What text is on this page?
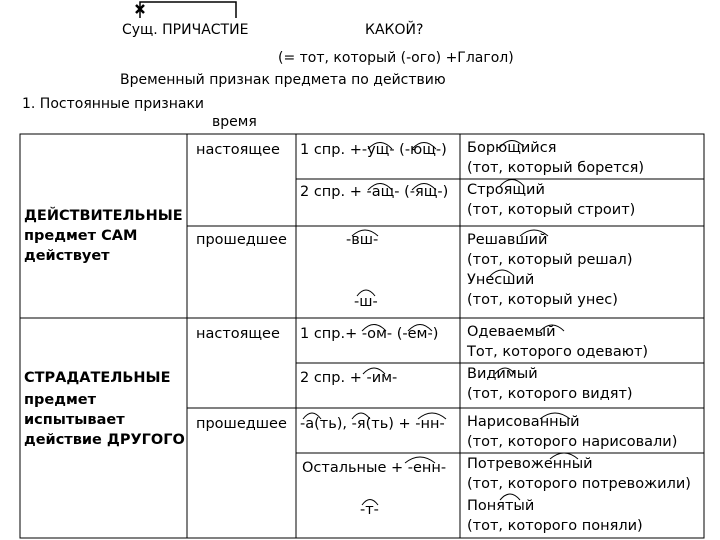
Сущ. ПРИЧАСТИЕ	КАКОЙ?
(= тот, который (-ого) +Глагол)
Временный признак предмета по действию
1. Постоянные признаки
время
ДЕЙСТВИТЕЛЬНЫЕ
предмет САМ
действует
настоящее 1 спр. +-ущ- (-ющ-)
2 спр. + -ащ- (-ящ-)
Борющийся
(тот, который борется)
Строящий
(тот, который строит)
прошедшее	-вш-
-ш-
Решавший
(тот, который решал)
Унесший
(тот, который унес)
СТРАДАТЕЛЬНЫЕ
предмет
испытывает
действие ДРУГОГО
настоящее 1 спр.+ -ом- (-ем-)
2 спр. + -им-
Одеваемый
Тот, которого одевают)
Видимый
(тот, которого видят)
прошедшее -а(ть), -я(ть) + -нн-
Остальные + -енн-
-т-
Нарисованный
(тот, которого нарисовали)
Потревоженный
(тот, которого потревожили)
Понятый
(тот, которого поняли)
